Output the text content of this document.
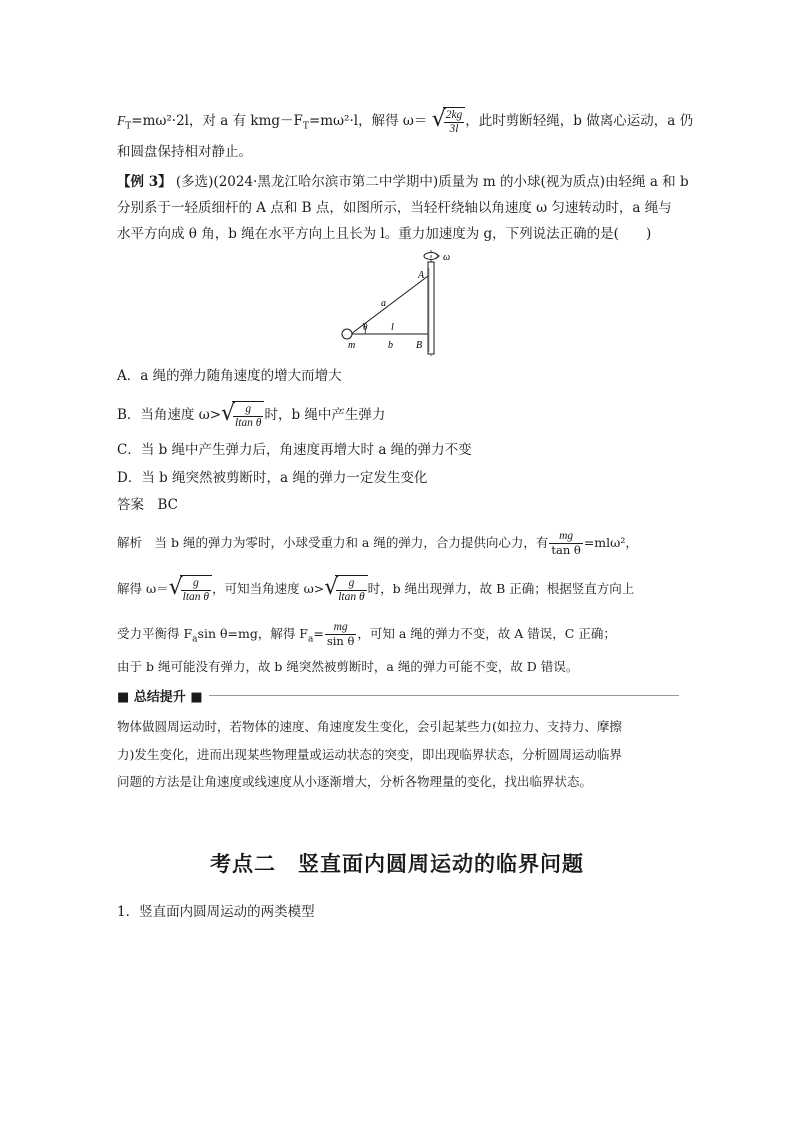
$F_T=m\omega^2\cdot 2l$，对 a 有 $kmg-F_T=m\omega^2\cdot l$，解得 ω＝ √
$\frac{2kg}{3l}$ ，此时剪断轻绳，b 做离心运动，a 仍
和圆盘保持相对静止。
【例 3】 (多选)(2024·黑龙江哈尔滨市第二中学期中)质量为 m 的小球(视为质点)由轻绳 a 和 b
分别系于一轻质细杆的 A 点和 B 点，如图所示，当轻杆绕轴以角速度 ω 匀速转动时，a 绳与
水平方向成 θ 角，b 绳在水平方向上且长为 l。重力加速度为 g，下列说法正确的是(　　)
ω
A
a
θ l
m	b B
A．a 绳的弹力随角速度的增大而增大
B．当角速度 ω> √
$\frac{g}{\text{ltan θ}}$ 时，b 绳中产生弹力
C．当 b 绳中产生弹力后，角速度再增大时 a 绳的弹力不变
D．当 b 绳突然被剪断时，a 绳的弹力一定发生变化
答案　BC
解析　当 b 绳的弹力为零时，小球受重力和 a 绳的弹力，合力提供向心力，有 $\frac{mg}{\text{tan θ}} =ml\omega^2$，
解得 ω＝ √
$\frac{g}{\text{ltan θ}}$ ，可知当角速度 ω> √
$\frac{g}{\text{ltan θ}}$ 时，b 绳出现弹力，故 B 正确；根据竖直方向上
受力平衡得 $F_a\sin$ θ=mg，解得 $F_a= \frac{mg}{\text{sin θ}}$ ，可知 a 绳的弹力不变，故 A 错误，C 正确；
由于 b 绳可能没有弹力，故 b 绳突然被剪断时，a 绳的弹力可能不变，故 D 错误。
■ 总结提升 ■
物体做圆周运动时，若物体的速度、角速度发生变化，会引起某些力(如拉力、支持力、摩擦
力)发生变化，进而出现某些物理量或运动状态的突变，即出现临界状态，分析圆周运动临界
问题的方法是让角速度或线速度从小逐渐增大，分析各物理量的变化，找出临界状态。
考点二　竖直面内圆周运动的临界问题
1．竖直面内圆周运动的两类模型
